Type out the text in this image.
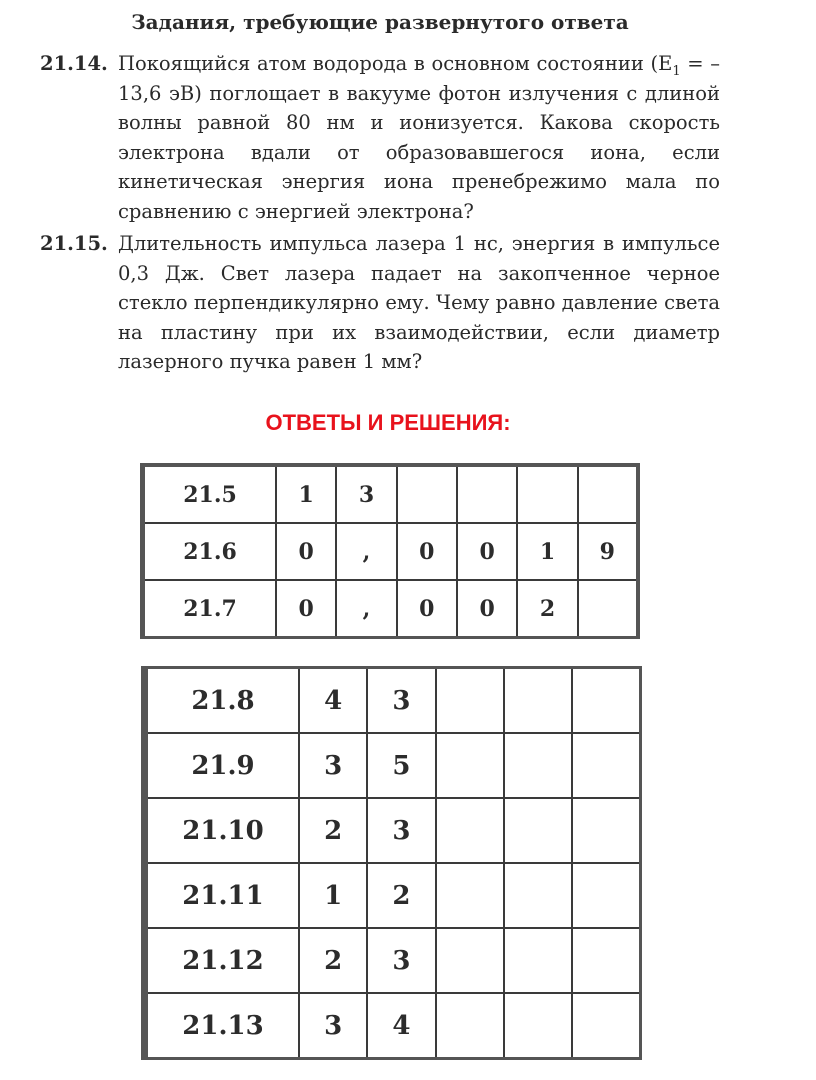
Задания, требующие развернутого ответа
21.14. Покоящийся атом водорода в основном состоянии ($E_1 = -13,6$ эВ) поглощает в вакууме фотон излучения с длиной волны равной 80 нм и ионизуется. Какова скорость электрона вдали от образовавшегося иона, если кинетическая энергия иона пренебрежимо мала по сравнению с энергией электрона?
21.15. Длительность импульса лазера 1 нс, энергия в импульсе 0,3 Дж. Свет лазера падает на закопченное черное стекло перпендикулярно ему. Чему равно давление света на пластину при их взаимодействии, если диаметр лазерного пучка равен 1 мм?
ОТВЕТЫ И РЕШЕНИЯ:
21.5	1	3				
21.6	0	,	0	0	1	9
21.7	0	,	0	0	2	
21.8	4	3			
21.9	3	5			
21.10	2	3			
21.11	1	2			
21.12	2	3			
21.13	3	4			
